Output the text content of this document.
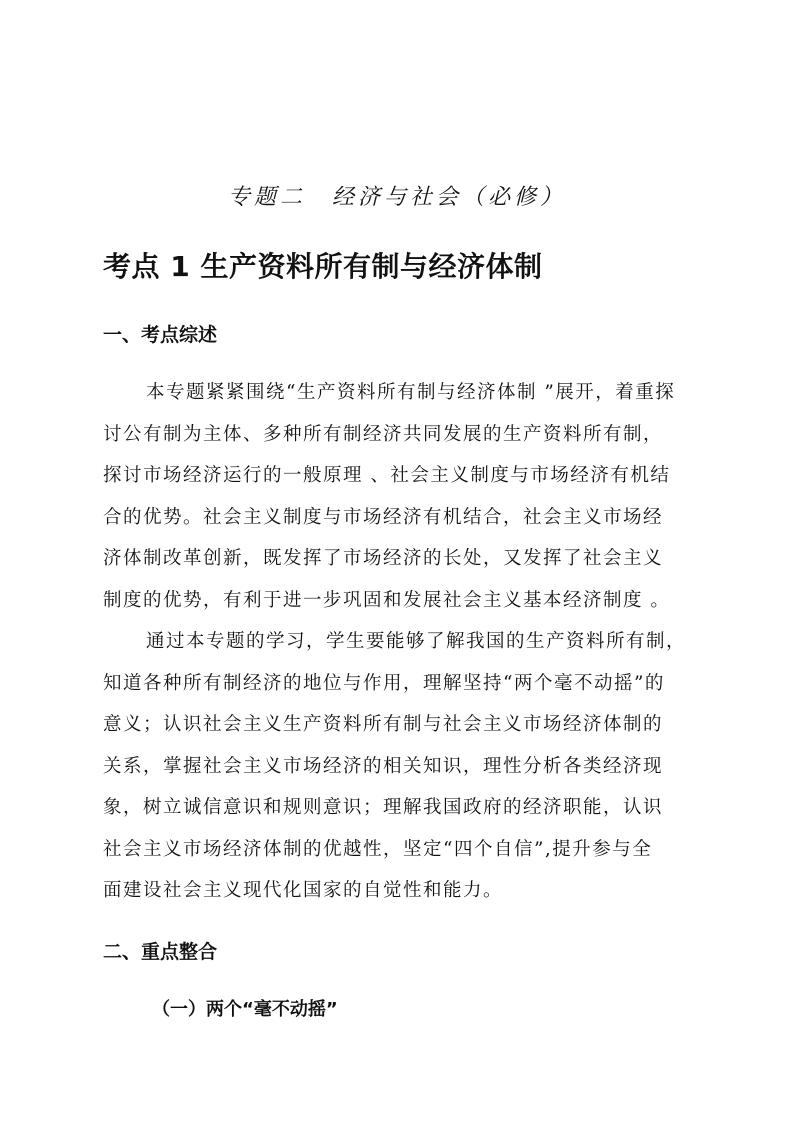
专题二　经济与社会（必修）
考点 1 生产资料所有制与经济体制
一、考点综述
本专题紧紧围绕“生产资料所有制与经济体制 ”展开，着重探
讨公有制为主体、多种所有制经济共同发展的生产资料所有制，
探讨市场经济运行的一般原理 、社会主义制度与市场经济有机结
合的优势。社会主义制度与市场经济有机结合，社会主义市场经
济体制改革创新，既发挥了市场经济的长处，又发挥了社会主义
制度的优势，有利于进一步巩固和发展社会主义基本经济制度 。
通过本专题的学习，学生要能够了解我国的生产资料所有制，
知道各种所有制经济的地位与作用，理解坚持“两个毫不动摇”的
意义；认识社会主义生产资料所有制与社会主义市场经济体制的
关系，掌握社会主义市场经济的相关知识，理性分析各类经济现
象，树立诚信意识和规则意识；理解我国政府的经济职能，认识
社会主义市场经济体制的优越性，坚定“四个自信”,提升参与全
面建设社会主义现代化国家的自觉性和能力。
二、重点整合
（一）两个“毫不动摇”
